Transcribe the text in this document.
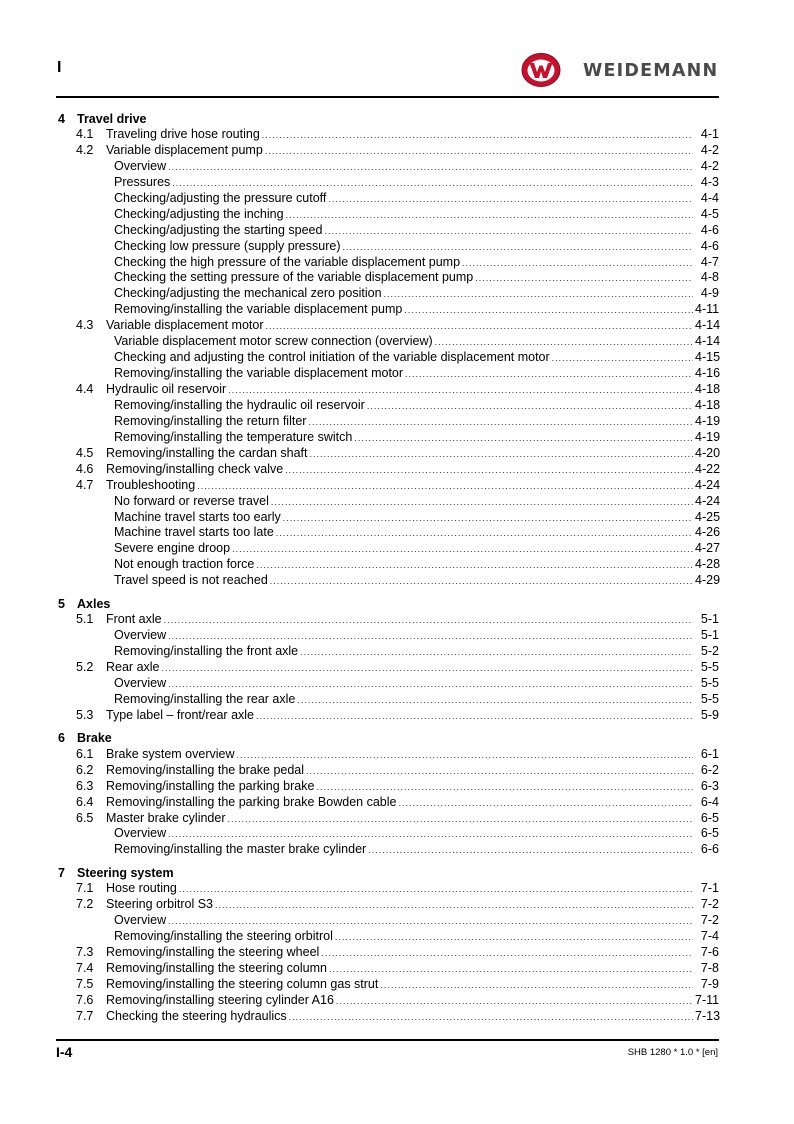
I	WEIDEMANN
4 Travel drive
4.1	Traveling drive hose routing .....	4-1
4.2	Variable displacement pump .....	4-2
Overview .....	4-2
Pressures .....	4-3
Checking/adjusting the pressure cutoff .....	4-4
Checking/adjusting the inching .....	4-5
Checking/adjusting the starting speed .....	4-6
Checking low pressure (supply pressure) .....	4-6
Checking the high pressure of the variable displacement pump .....	4-7
Checking the setting pressure of the variable displacement pump .....	4-8
Checking/adjusting the mechanical zero position .....	4-9
Removing/installing the variable displacement pump .....	4-11
4.3	Variable displacement motor .....	4-14
Variable displacement motor screw connection (overview) .....	4-14
Checking and adjusting the control initiation of the variable displacement motor .....	4-15
Removing/installing the variable displacement motor .....	4-16
4.4	Hydraulic oil reservoir .....	4-18
Removing/installing the hydraulic oil reservoir .....	4-18
Removing/installing the return filter .....	4-19
Removing/installing the temperature switch .....	4-19
4.5	Removing/installing the cardan shaft .....	4-20
4.6	Removing/installing check valve .....	4-22
4.7	Troubleshooting .....	4-24
No forward or reverse travel .....	4-24
Machine travel starts too early .....	4-25
Machine travel starts too late .....	4-26
Severe engine droop .....	4-27
Not enough traction force .....	4-28
Travel speed is not reached .....	4-29
5 Axles
5.1	Front axle .....	5-1
Overview .....	5-1
Removing/installing the front axle .....	5-2
5.2	Rear axle .....	5-5
Overview .....	5-5
Removing/installing the rear axle .....	5-5
5.3	Type label – front/rear axle .....	5-9
6 Brake
6.1	Brake system overview .....	6-1
6.2	Removing/installing the brake pedal .....	6-2
6.3	Removing/installing the parking brake .....	6-3
6.4	Removing/installing the parking brake Bowden cable .....	6-4
6.5	Master brake cylinder .....	6-5
Overview .....	6-5
Removing/installing the master brake cylinder .....	6-6
7 Steering system
7.1	Hose routing .....	7-1
7.2	Steering orbitrol S3 .....	7-2
Overview .....	7-2
Removing/installing the steering orbitrol .....	7-4
7.3	Removing/installing the steering wheel .....	7-6
7.4	Removing/installing the steering column .....	7-8
7.5	Removing/installing the steering column gas strut .....	7-9
7.6	Removing/installing steering cylinder A16 .....	7-11
7.7	Checking the steering hydraulics .....	7-13
I-4	SHB 1280 * 1.0 * [en]
